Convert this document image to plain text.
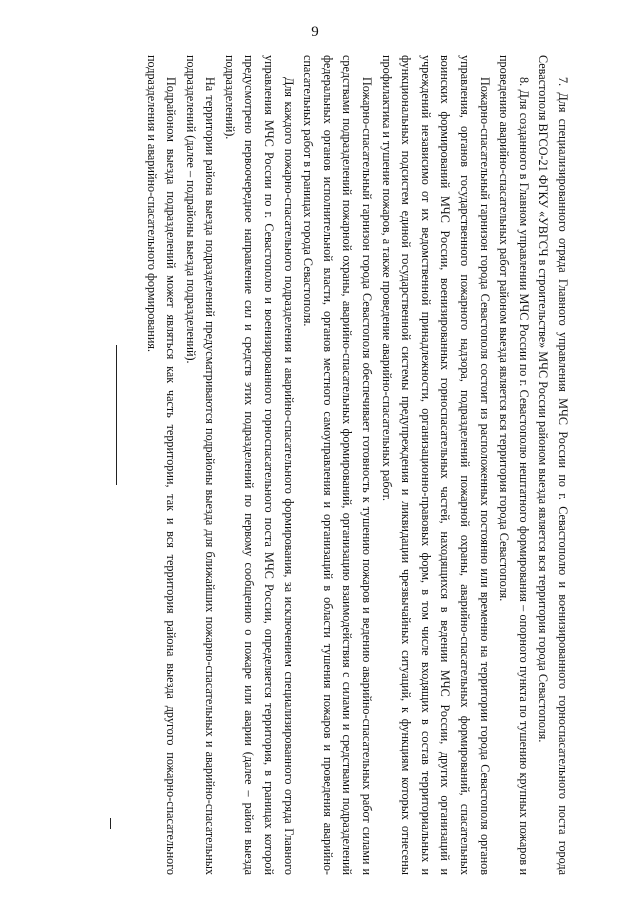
9

7. Для специализированного отряда Главного управления МЧС России по г. Севастополю и военизированного горноспасательного поста города Севастополя ВГСО-21 ФГКУ «УВГСЧ в строительстве» МЧС России районом выезда является вся территория города Севастополя.

8. Для созданного в Главном управлении МЧС России по г. Севастополю нештатного формирования – опорного пункта по тушению крупных пожаров и проведению аварийно-спасательных работ районом выезда является вся территория города Севастополя.

Пожарно-спасательный гарнизон города Севастополя состоит из расположенных постоянно или временно на территории города Севастополя органов управления, органов государственного пожарного надзора, подразделений пожарной охраны, аварийно-спасательных формирований, спасательных воинских формирований МЧС России, военизированных горноспасательных частей, находящихся в ведении МЧС России, других организаций и учреждений независимо от их ведомственной принадлежности, организационно-правовых форм, в том числе входящих в состав территориальных и функциональных подсистем единой государственной системы предупреждения и ликвидации чрезвычайных ситуаций, к функциям которых отнесены профилактика и тушение пожаров, а также проведение аварийно-спасательных работ.

Пожарно-спасательный гарнизон города Севастополя обеспечивает готовность к тушению пожаров и ведению аварийно-спасательных работ силами и средствами подразделений пожарной охраны, аварийно-спасательных формирований, организацию взаимодействия с силами и средствами подразделений федеральных органов исполнительной власти, органов местного самоуправления и организаций в области тушения пожаров и проведения аварийно-спасательных работ в границах города Севастополя.

Для каждого пожарно-спасательного подразделения и аварийно-спасательного формирования, за исключением специализированного отряда Главного управления МЧС России по г. Севастополю и военизированного горноспасательного поста МЧС России, определяется территория, в границах которой предусмотрено первоочередное направление сил и средств этих подразделений по первому сообщению о пожаре или аварии (далее – район выезда подразделений).

На территории района выезда подразделений предусматриваются подрайоны выезда для ближайших пожарно-спасательных и аварийно-спасательных подразделений (далее – подрайоны выезда подразделений).

Подрайоном выезда подразделений может являться как часть территории, так и вся территория района выезда другого пожарно-спасательного подразделения и аварийно-спасательного формирования.
